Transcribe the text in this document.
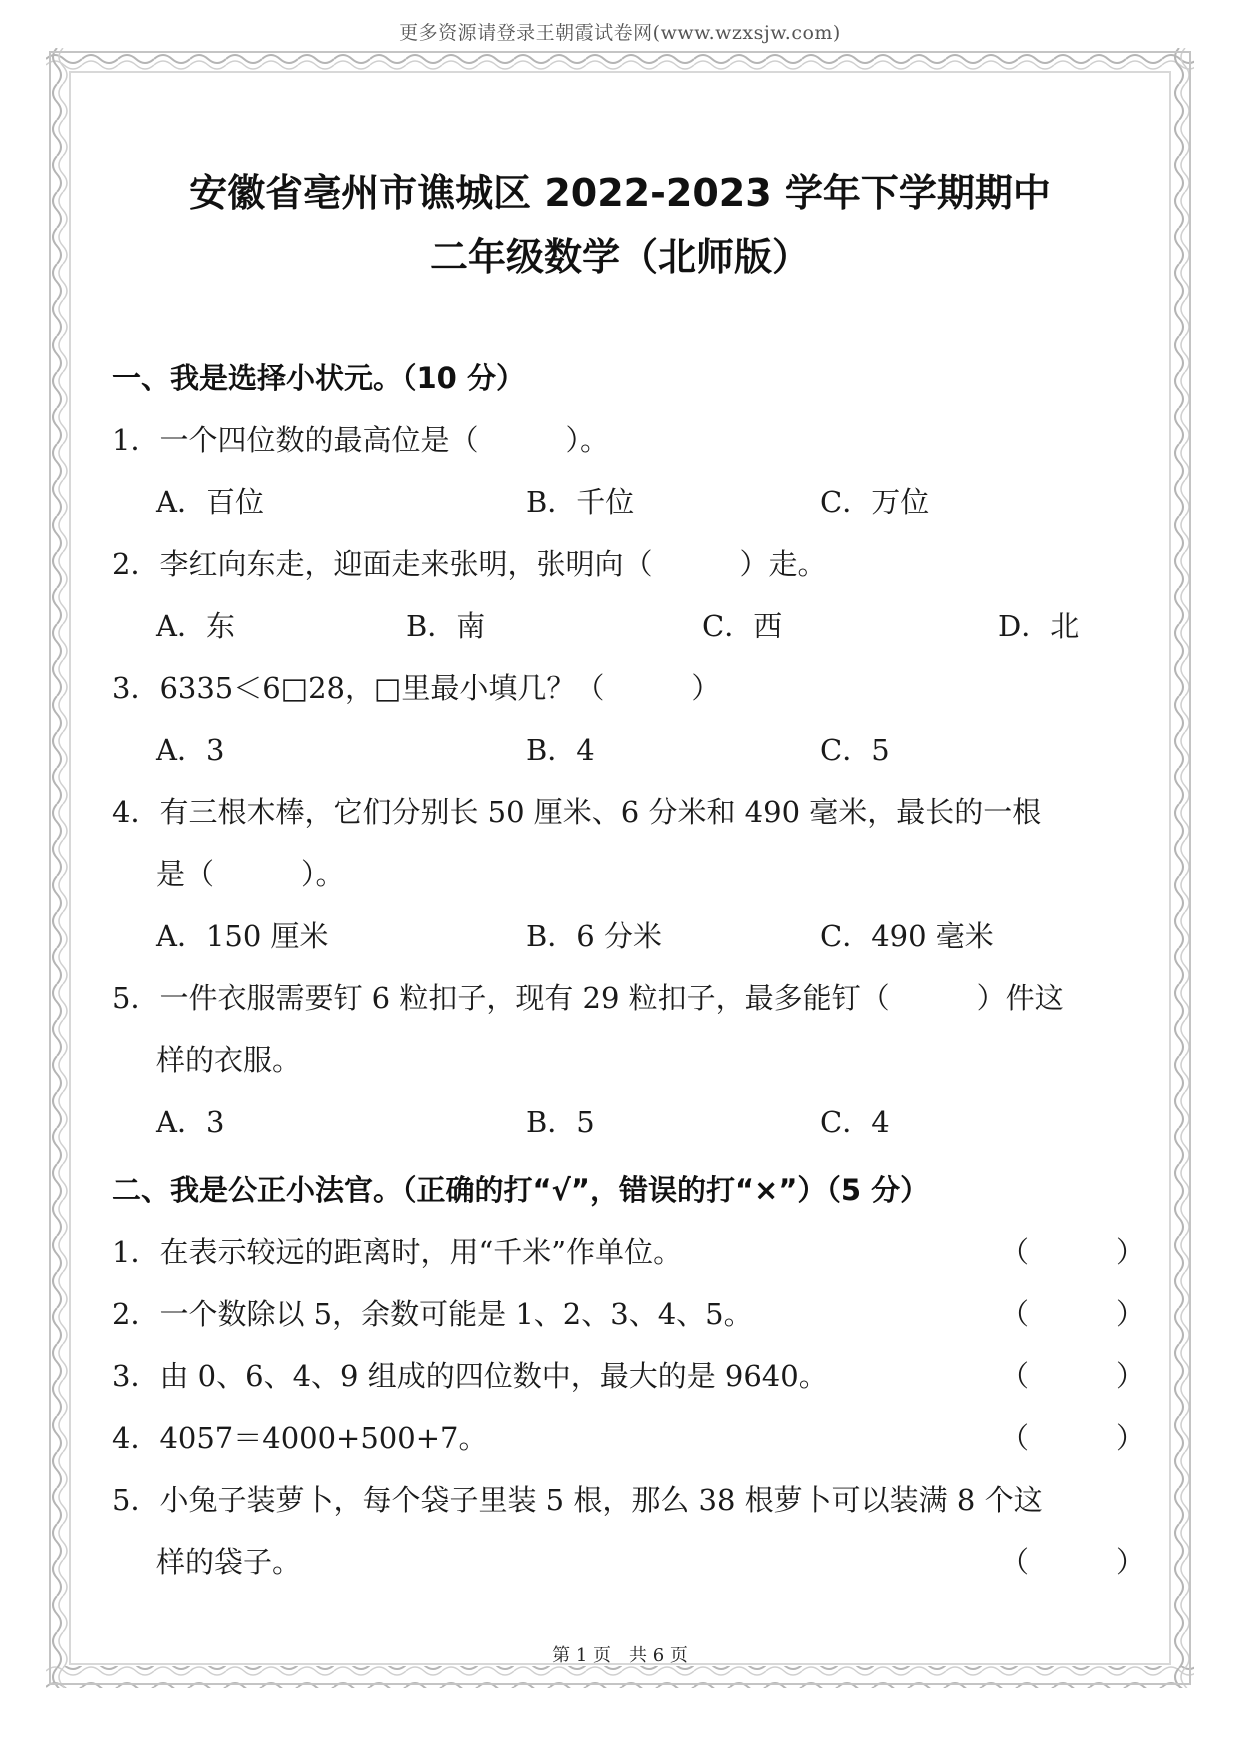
更多资源请登录王朝霞试卷网(www.wzxsjw.com)
安徽省亳州市谯城区 2022-2023 学年下学期期中
二年级数学（北师版）
一、我是选择小状元。（10 分）
1．一个四位数的最高位是（　　　）。
A．百位	B．千位	C．万位
2．李红向东走，迎面走来张明，张明向（　　　）走。
A．东	B．南	C．西	D．北
3．6335＜6□28，□里最小填几？（　　　）
A．3	B．4	C．5
4．有三根木棒，它们分别长 50 厘米、6 分米和 490 毫米，最长的一根
是（　　　）。
A．150 厘米	B．6 分米	C．490 毫米
5．一件衣服需要钉 6 粒扣子，现有 29 粒扣子，最多能钉（　　　）件这
样的衣服。
A．3	B．5	C．4
二、我是公正小法官。（正确的打“√”，错误的打“×”）（5 分）
1．在表示较远的距离时，用“千米”作单位。	（　　　）
2．一个数除以 5，余数可能是 1、2、3、4、5。	（　　　）
3．由 0、6、4、9 组成的四位数中，最大的是 9640。	（　　　）
4．4057＝4000+500+7。	（　　　）
5．小兔子装萝卜，每个袋子里装 5 根，那么 38 根萝卜可以装满 8 个这
样的袋子。	（　　　）
第 1 页　共 6 页
